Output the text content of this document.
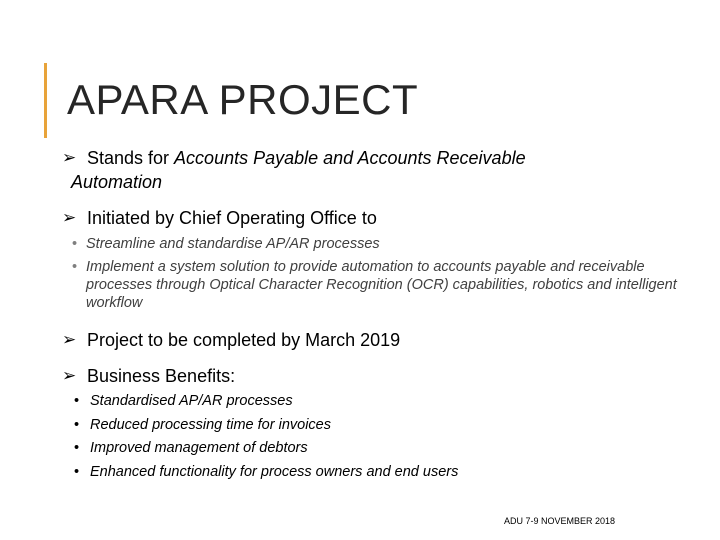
APARA PROJECT
➢ Stands for Accounts Payable and Accounts Receivable
Automation
➢ Initiated by Chief Operating Office to
• Streamline and standardise AP/AR processes
• Implement a system solution to provide automation to accounts payable and receivable processes through Optical Character Recognition (OCR) capabilities, robotics and intelligent workflow
➢ Project to be completed by March 2019
➢ Business Benefits:
• Standardised AP/AR processes
• Reduced processing time for invoices
• Improved management of debtors
• Enhanced functionality for process owners and end users
ADU 7-9 NOVEMBER 2018
